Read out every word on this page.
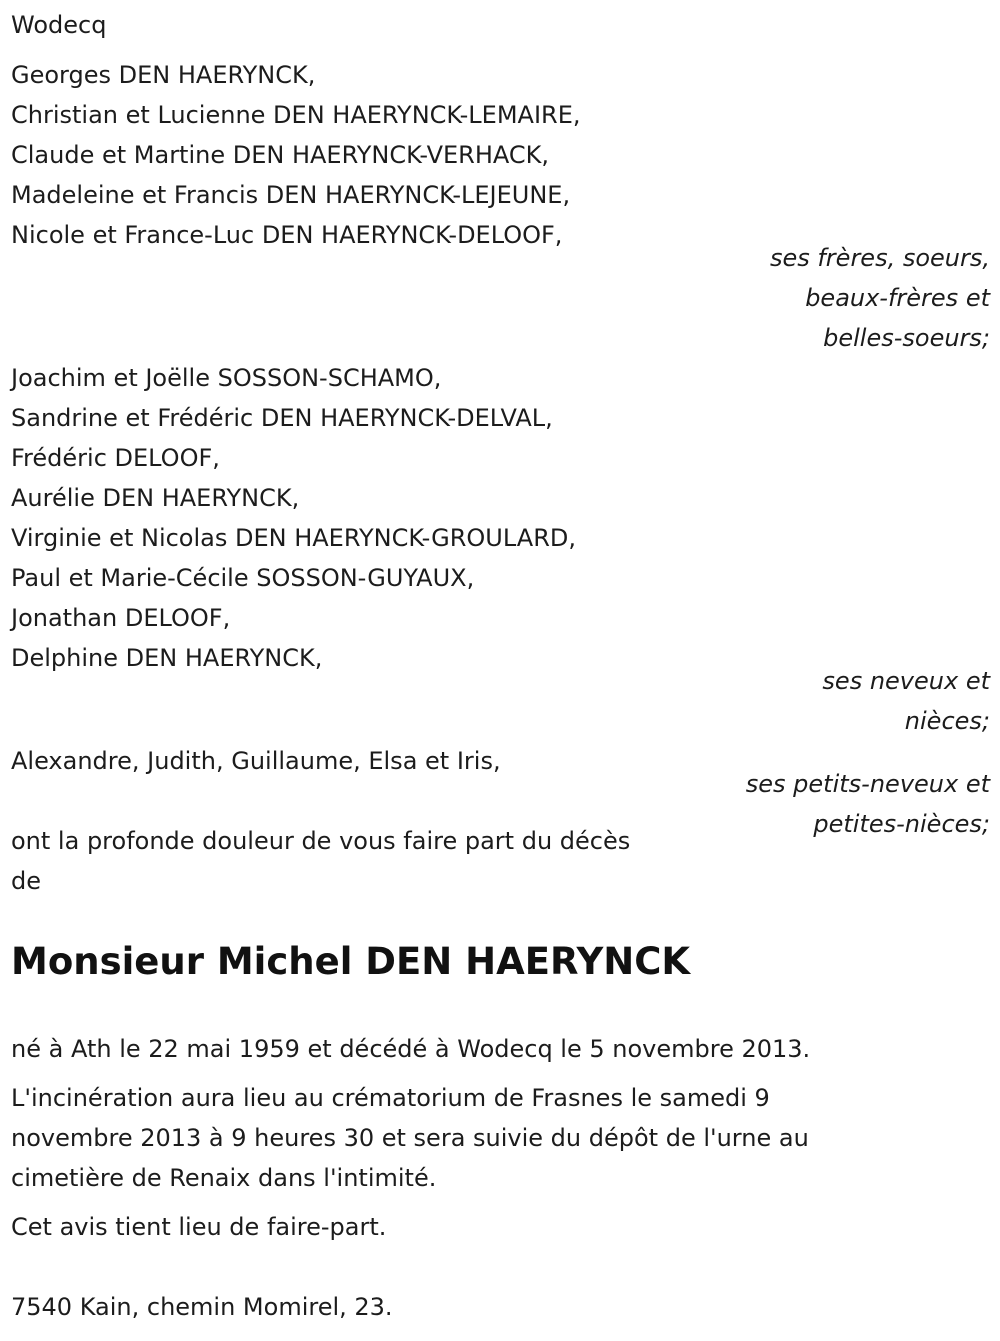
Wodecq
Georges DEN HAERYNCK,
Christian et Lucienne DEN HAERYNCK-LEMAIRE,
Claude et Martine DEN HAERYNCK-VERHACK,
Madeleine et Francis DEN HAERYNCK-LEJEUNE,
Nicole et France-Luc DEN HAERYNCK-DELOOF,
ses frères, soeurs,
beaux-frères et
belles-soeurs;
Joachim et Joëlle SOSSON-SCHAMO,
Sandrine et Frédéric DEN HAERYNCK-DELVAL,
Frédéric DELOOF,
Aurélie DEN HAERYNCK,
Virginie et Nicolas DEN HAERYNCK-GROULARD,
Paul et Marie-Cécile SOSSON-GUYAUX,
Jonathan DELOOF,
Delphine DEN HAERYNCK,
ses neveux et
nièces;
Alexandre, Judith, Guillaume, Elsa et Iris,
ses petits-neveux et
petites-nièces;
ont la profonde douleur de vous faire part du décès
de
Monsieur Michel DEN HAERYNCK
né à Ath le 22 mai 1959 et décédé à Wodecq le 5 novembre 2013.
L'incinération aura lieu au crématorium de Frasnes le samedi 9
novembre 2013 à 9 heures 30 et sera suivie du dépôt de l'urne au
cimetière de Renaix dans l'intimité.
Cet avis tient lieu de faire-part.
7540 Kain, chemin Momirel, 23.
